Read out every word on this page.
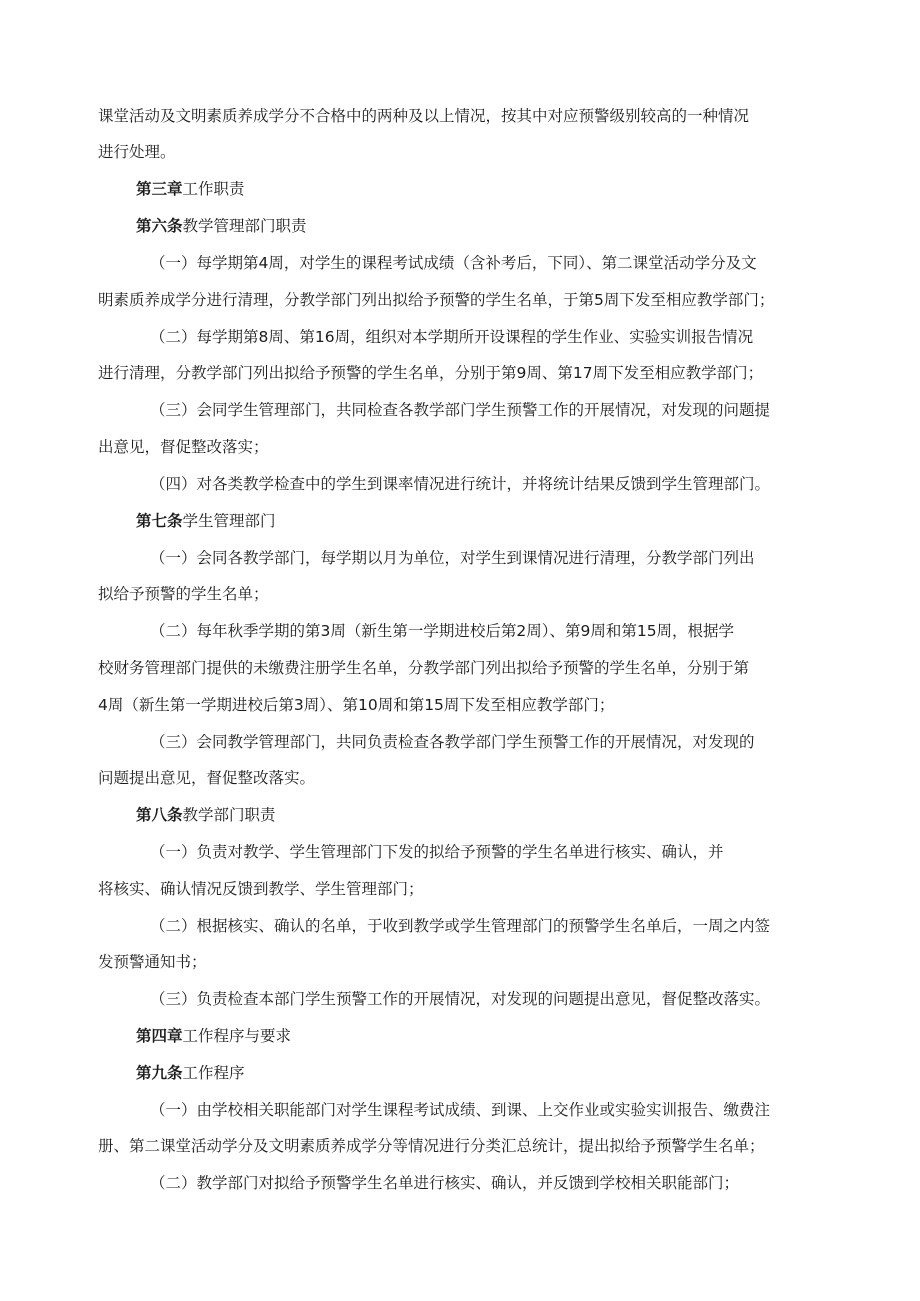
课堂活动及文明素质养成学分不合格中的两种及以上情况，按其中对应预警级别较高的一种情况
进行处理。
第三章工作职责
第六条教学管理部门职责
（一）每学期第4周，对学生的课程考试成绩（含补考后，下同）、第二课堂活动学分及文
明素质养成学分进行清理，分教学部门列出拟给予预警的学生名单，于第5周下发至相应教学部门；
（二）每学期第8周、第16周，组织对本学期所开设课程的学生作业、实验实训报告情况
进行清理，分教学部门列出拟给予预警的学生名单，分别于第9周、第17周下发至相应教学部门；
（三）会同学生管理部门，共同检查各教学部门学生预警工作的开展情况，对发现的问题提
出意见，督促整改落实；
（四）对各类教学检查中的学生到课率情况进行统计，并将统计结果反馈到学生管理部门。
第七条学生管理部门
（一）会同各教学部门，每学期以月为单位，对学生到课情况进行清理，分教学部门列出
拟给予预警的学生名单；
（二）每年秋季学期的第3周（新生第一学期进校后第2周）、第9周和第15周，根据学
校财务管理部门提供的未缴费注册学生名单，分教学部门列出拟给予预警的学生名单，分别于第
4周（新生第一学期进校后第3周）、第10周和第15周下发至相应教学部门；
（三）会同教学管理部门，共同负责检查各教学部门学生预警工作的开展情况，对发现的
问题提出意见，督促整改落实。
第八条教学部门职责
（一）负责对教学、学生管理部门下发的拟给予预警的学生名单进行核实、确认，并
将核实、确认情况反馈到教学、学生管理部门；
（二）根据核实、确认的名单，于收到教学或学生管理部门的预警学生名单后，一周之内签
发预警通知书；
（三）负责检查本部门学生预警工作的开展情况，对发现的问题提出意见，督促整改落实。
第四章工作程序与要求
第九条工作程序
（一）由学校相关职能部门对学生课程考试成绩、到课、上交作业或实验实训报告、缴费注
册、第二课堂活动学分及文明素质养成学分等情况进行分类汇总统计，提出拟给予预警学生名单；
（二）教学部门对拟给予预警学生名单进行核实、确认，并反馈到学校相关职能部门；
